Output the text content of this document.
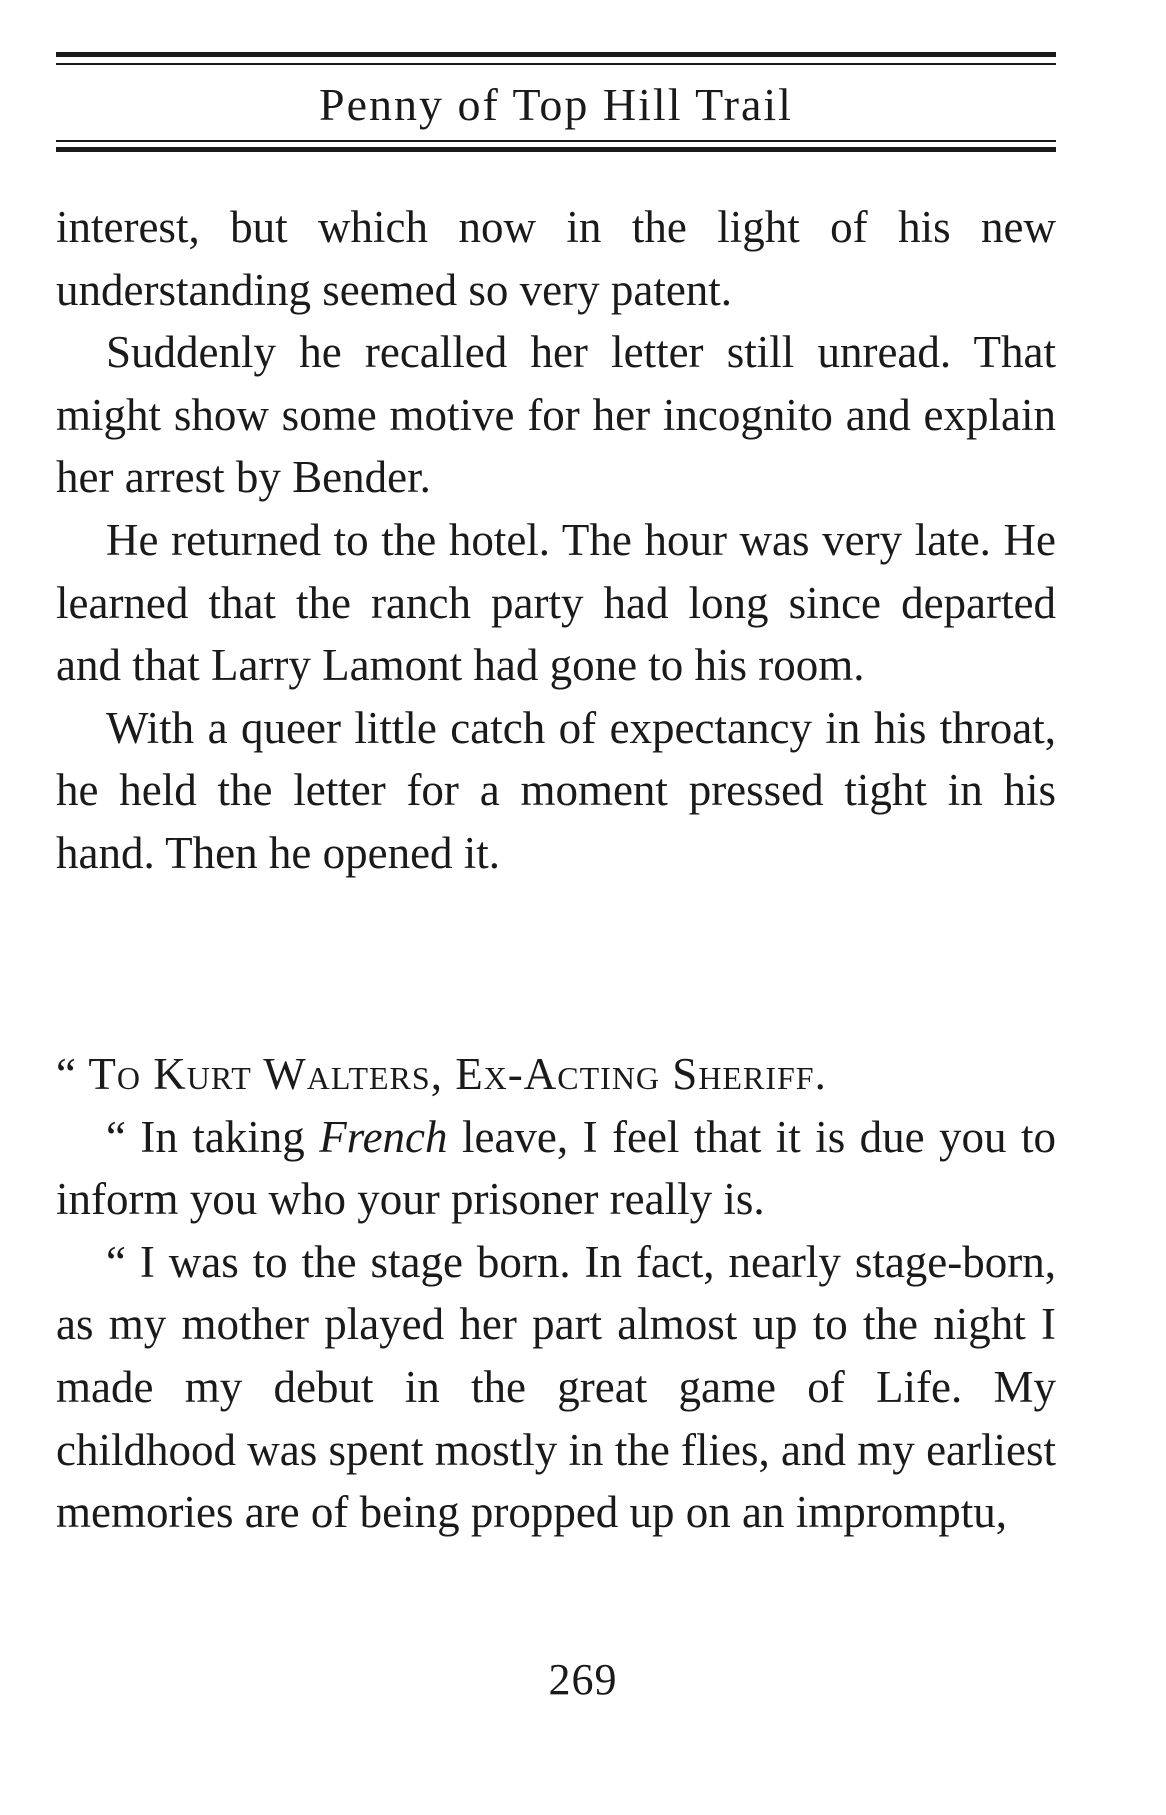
Penny of Top Hill Trail

interest, but which now in the light of his new understanding seemed so very patent.

Suddenly he recalled her letter still unread. That might show some motive for her incognito and explain her arrest by Bender.

He returned to the hotel. The hour was very late. He learned that the ranch party had long since departed and that Larry Lamont had gone to his room.

With a queer little catch of expectancy in his throat, he held the letter for a moment pressed tight in his hand. Then he opened it.

“ To Kurt Walters, Ex-Acting Sheriff.

“ In taking French leave, I feel that it is due you to inform you who your prisoner really is.

“ I was to the stage born. In fact, nearly stage-born, as my mother played her part almost up to the night I made my debut in the great game of Life. My childhood was spent mostly in the flies, and my earliest memories are of being propped up on an impromptu,

269
